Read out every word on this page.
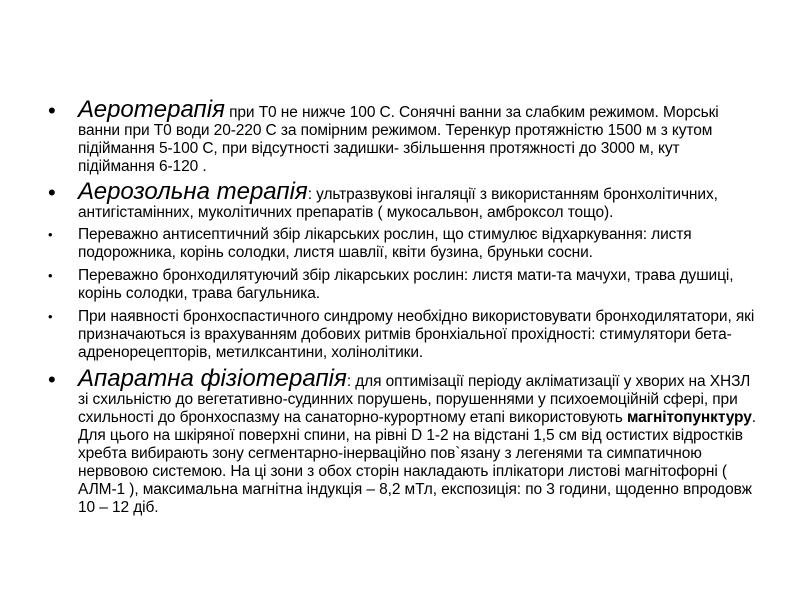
• Аеротерапія при Т0 не нижче 100 С. Сонячні ванни за слабким режимом. Морські ванни при Т0 води 20-220 С за помірним режимом. Теренкур протяжністю 1500 м з кутом підіймання 5-100 С, при відсутності задишки- збільшення протяжності до 3000 м, кут підіймання 6-120 .
• Аерозольна терапія: ультразвукові інгаляції з використанням бронхолітичних, антигістамінних, муколітичних препаратів ( мукосальвон, амброксол тощо).
• Переважно антисептичний збір лікарських рослин, що стимулює відхаркування: листя подорожника, корінь солодки, листя шавлії, квіти бузина, бруньки сосни.
• Переважно бронходилятуючий збір лікарських рослин: листя мати-та мачухи, трава душиці, корінь солодки, трава багульника.
• При наявності бронхоспастичного синдрому необхідно використовувати бронходилятатори, які призначаються із врахуванням добових ритмів бронхіальної прохідності: стимулятори бета-адренорецепторів, метилксантини, холінолітики.
• Апаратна фізіотерапія: для оптимізації періоду акліматизації у хворих на ХНЗЛ зі схильністю до вегетативно-судинних порушень, порушеннями у психоемоційній сфері, при схильності до бронхоспазму на санаторно-курортному етапі використовують магнітопунктуру. Для цього на шкіряної поверхні спини, на рівні D 1-2 на відстані 1,5 см від остистих відростків хребта вибирають зону сегментарно-інерваційно пов`язану з легенями та симпатичною нервовою системою. На ці зони з обох сторін накладають іплікатори листові магнітофорні ( АЛМ-1 ), максимальна магнітна індукція – 8,2 мТл, експозиція: по 3 години, щоденно впродовж 10 – 12 діб.
